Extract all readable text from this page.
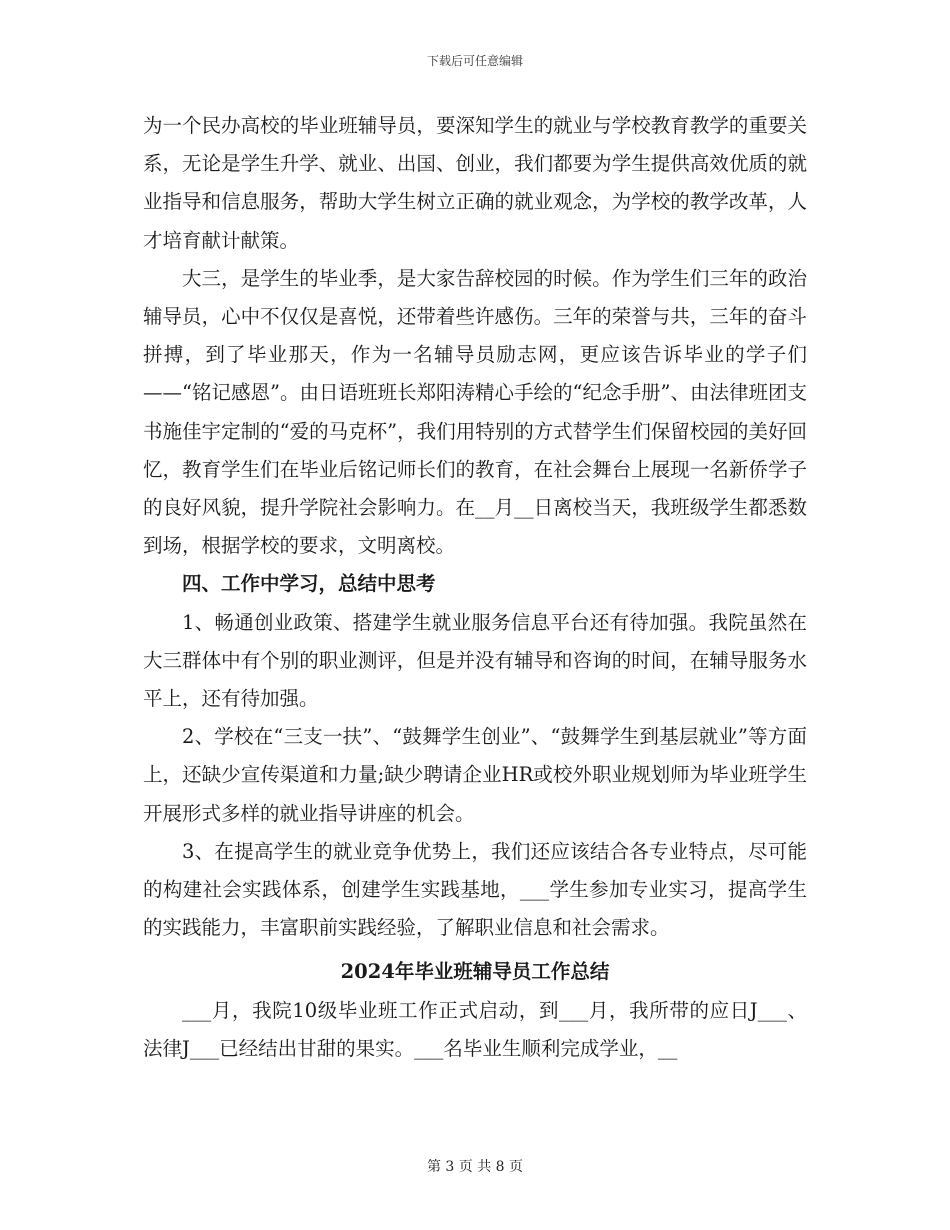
下载后可任意编辑

为一个民办高校的毕业班辅导员，要深知学生的就业与学校教育教学的重要关系，无论是学生升学、就业、出国、创业，我们都要为学生提供高效优质的就业指导和信息服务，帮助大学生树立正确的就业观念，为学校的教学改革，人才培育献计献策。

大三，是学生的毕业季，是大家告辞校园的时候。作为学生们三年的政治辅导员，心中不仅仅是喜悦，还带着些许感伤。三年的荣誉与共，三年的奋斗拼搏，到了毕业那天，作为一名辅导员励志网，更应该告诉毕业的学子们——“铭记感恩”。由日语班班长郑阳涛精心手绘的“纪念手册”、由法律班团支书施佳宇定制的“爱的马克杯”，我们用特别的方式替学生们保留校园的美好回忆，教育学生们在毕业后铭记师长们的教育，在社会舞台上展现一名新侨学子的良好风貌，提升学院社会影响力。在__月__日离校当天，我班级学生都悉数到场，根据学校的要求，文明离校。

四、工作中学习，总结中思考

1、畅通创业政策、搭建学生就业服务信息平台还有待加强。我院虽然在大三群体中有个别的职业测评，但是并没有辅导和咨询的时间，在辅导服务水平上，还有待加强。

2、学校在“三支一扶”、“鼓舞学生创业”、“鼓舞学生到基层就业”等方面上，还缺少宣传渠道和力量;缺少聘请企业HR或校外职业规划师为毕业班学生开展形式多样的就业指导讲座的机会。

3、在提高学生的就业竞争优势上，我们还应该结合各专业特点，尽可能的构建社会实践体系，创建学生实践基地，___学生参加专业实习，提高学生的实践能力，丰富职前实践经验，了解职业信息和社会需求。

2024年毕业班辅导员工作总结

___月，我院10级毕业班工作正式启动，到___月，我所带的应日J___、法律J___已经结出甘甜的果实。___名毕业生顺利完成学业，__

第 3 页 共 8 页
